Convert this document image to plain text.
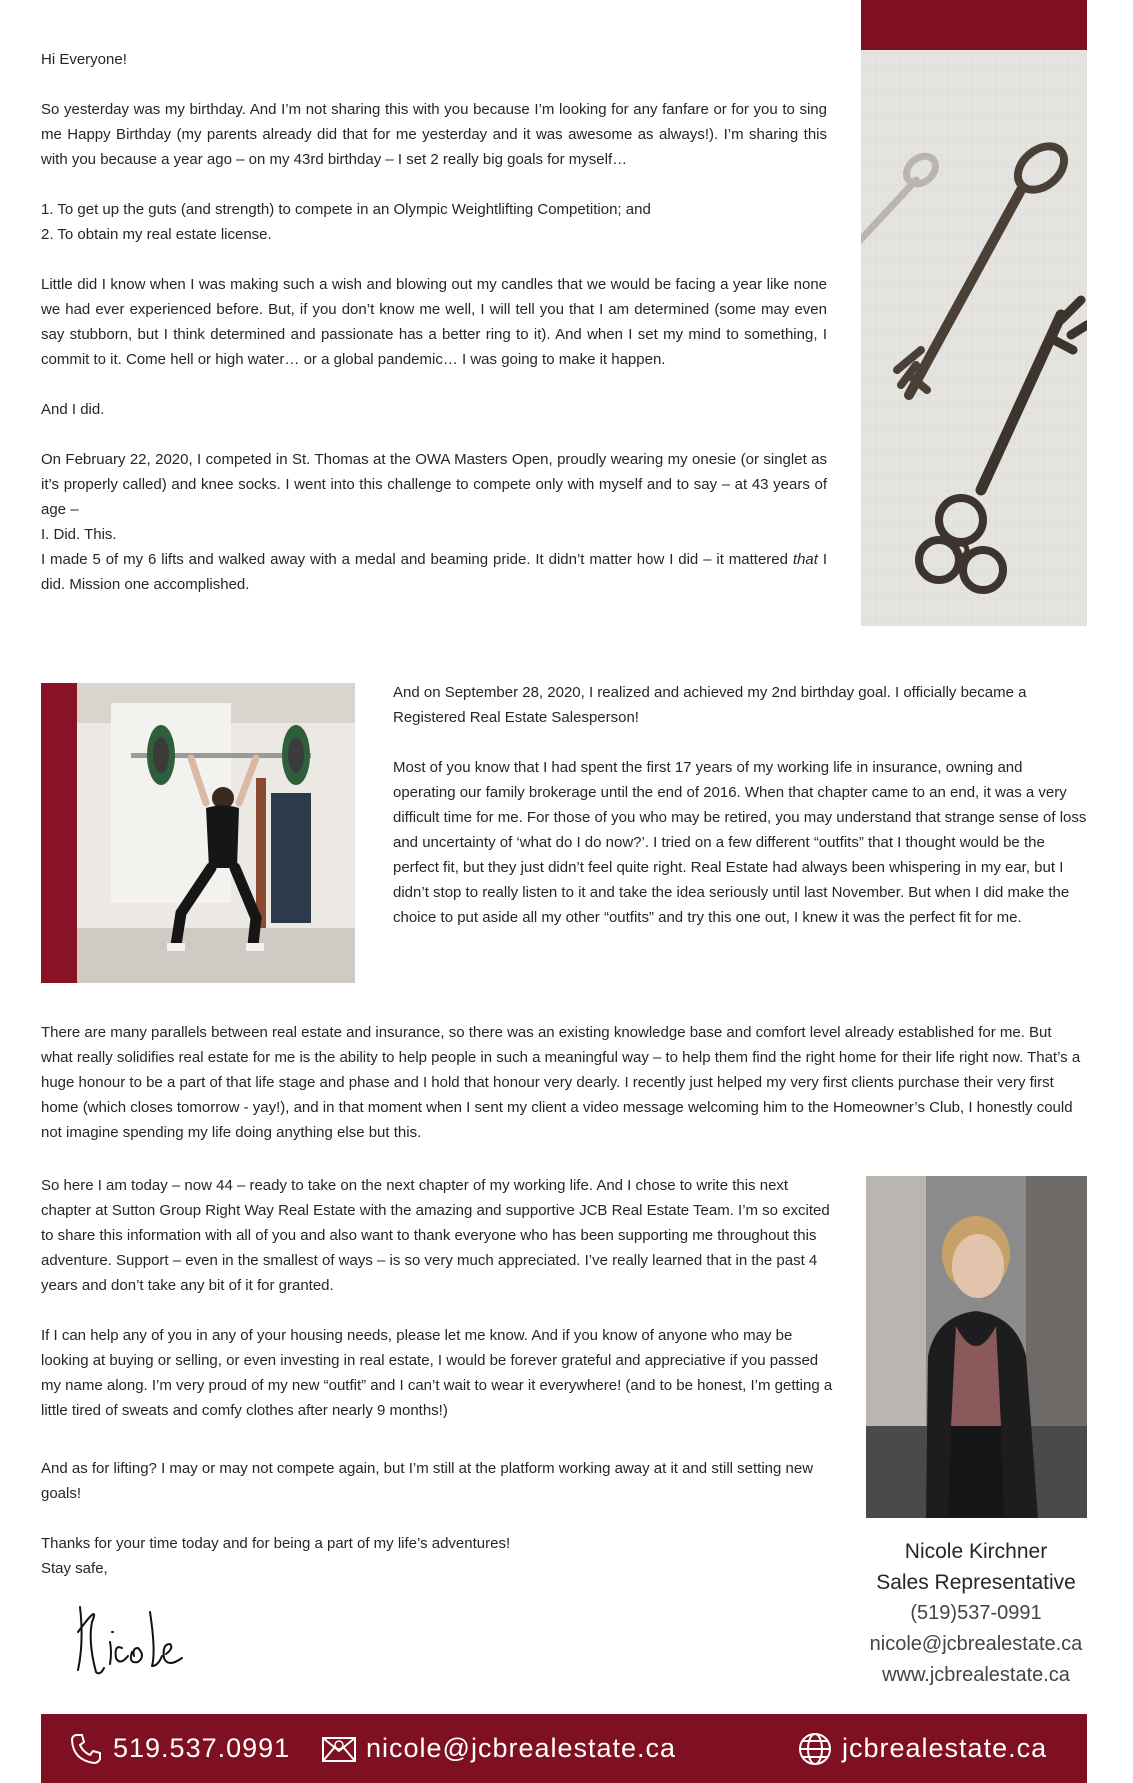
Hi Everyone!

So yesterday was my birthday. And I’m not sharing this with you because I’m looking for any fanfare or for you to sing me Happy Birthday (my parents already did that for me yesterday and it was awesome as always!). I’m sharing this with you because a year ago – on my 43rd birthday – I set 2 really big goals for myself…

1. To get up the guts (and strength) to compete in an Olympic Weightlifting Competition; and
2. To obtain my real estate license.

Little did I know when I was making such a wish and blowing out my candles that we would be facing a year like none we had ever experienced before. But, if you don’t know me well, I will tell you that I am determined (some may even say stubborn, but I think determined and passionate has a better ring to it). And when I set my mind to something, I commit to it. Come hell or high water… or a global pandemic… I was going to make it happen.

And I did.

On February 22, 2020, I competed in St. Thomas at the OWA Masters Open, proudly wearing my onesie (or singlet as it’s properly called) and knee socks. I went into this challenge to compete only with myself and to say – at 43 years of age –
I. Did. This.
I made 5 of my 6 lifts and walked away with a medal and beaming pride. It didn’t matter how I did – it mattered that I did. Mission one accomplished.

And on September 28, 2020, I realized and achieved my 2nd birthday goal. I officially became a Registered Real Estate Salesperson!

Most of you know that I had spent the first 17 years of my working life in insurance, owning and operating our family brokerage until the end of 2016. When that chapter came to an end, it was a very difficult time for me. For those of you who may be retired, you may understand that strange sense of loss and uncertainty of ‘what do I do now?’. I tried on a few different “outfits” that I thought would be the perfect fit, but they just didn’t feel quite right. Real Estate had always been whispering in my ear, but I didn’t stop to really listen to it and take the idea seriously until last November. But when I did make the choice to put aside all my other “outfits” and try this one out, I knew it was the perfect fit for me.

There are many parallels between real estate and insurance, so there was an existing knowledge base and comfort level already established for me. But what really solidifies real estate for me is the ability to help people in such a meaningful way – to help them find the right home for their life right now. That’s a huge honour to be a part of that life stage and phase and I hold that honour very dearly. I recently just helped my very first clients purchase their very first home (which closes tomorrow - yay!), and in that moment when I sent my client a video message welcoming him to the Homeowner’s Club, I honestly could not imagine spending my life doing anything else but this.

So here I am today – now 44 – ready to take on the next chapter of my working life. And I chose to write this next chapter at Sutton Group Right Way Real Estate with the amazing and supportive JCB Real Estate Team. I’m so excited to share this information with all of you and also want to thank everyone who has been supporting me throughout this adventure. Support – even in the smallest of ways – is so very much appreciated. I’ve really learned that in the past 4 years and don’t take any bit of it for granted.

If I can help any of you in any of your housing needs, please let me know. And if you know of anyone who may be looking at buying or selling, or even investing in real estate, I would be forever grateful and appreciative if you passed my name along. I’m very proud of my new “outfit” and I can’t wait to wear it everywhere! (and to be honest, I’m getting a little tired of sweats and comfy clothes after nearly 9 months!)

And as for lifting? I may or may not compete again, but I’m still at the platform working away at it and still setting new goals!

Thanks for your time today and for being a part of my life’s adventures!
Stay safe,

Nicole Kirchner
Sales Representative
(519)537-0991
nicole@jcbrealestate.ca
www.jcbrealestate.ca
519.537.0991	nicole@jcbrealestate.ca	jcbrealestate.ca
